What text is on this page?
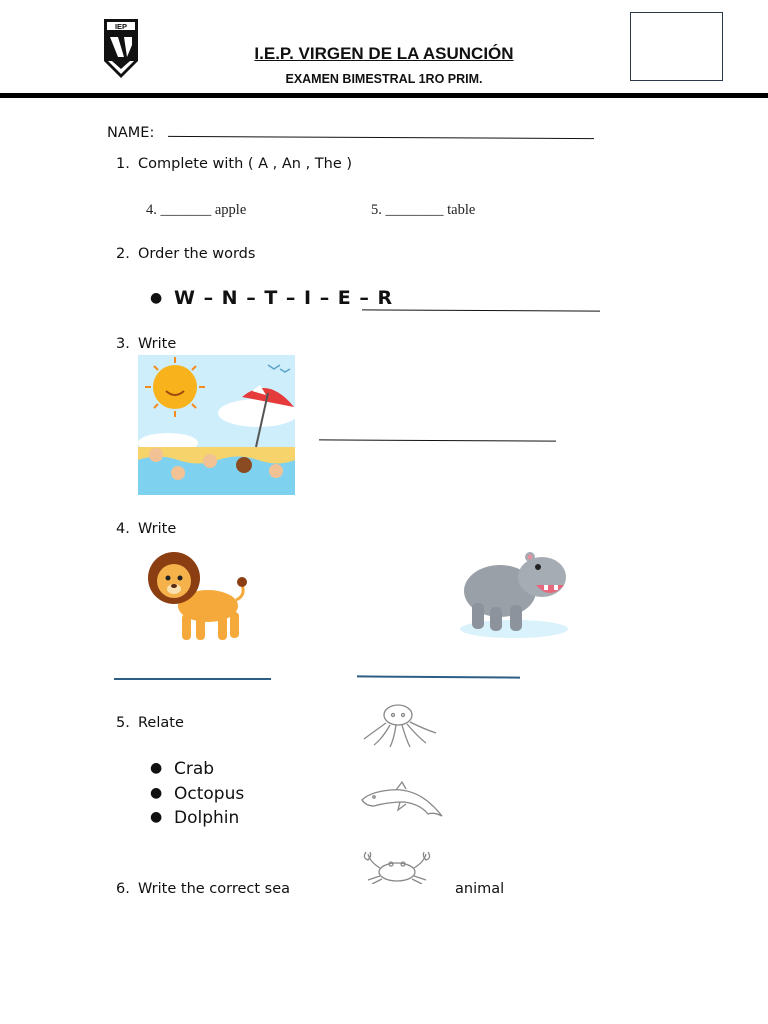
IEP
I.E.P. VIRGEN DE LA ASUNCIÓN
EXAMEN BIMESTRAL 1RO PRIM.
NAME:
1. Complete with ( A , An , The )
4. _______ apple	5. ________ table
2. Order the words
● W – N – T – I – E – R
3. Write
4. Write
5. Relate
● Crab
● Octopus
● Dolphin
6. Write the correct sea	animal
